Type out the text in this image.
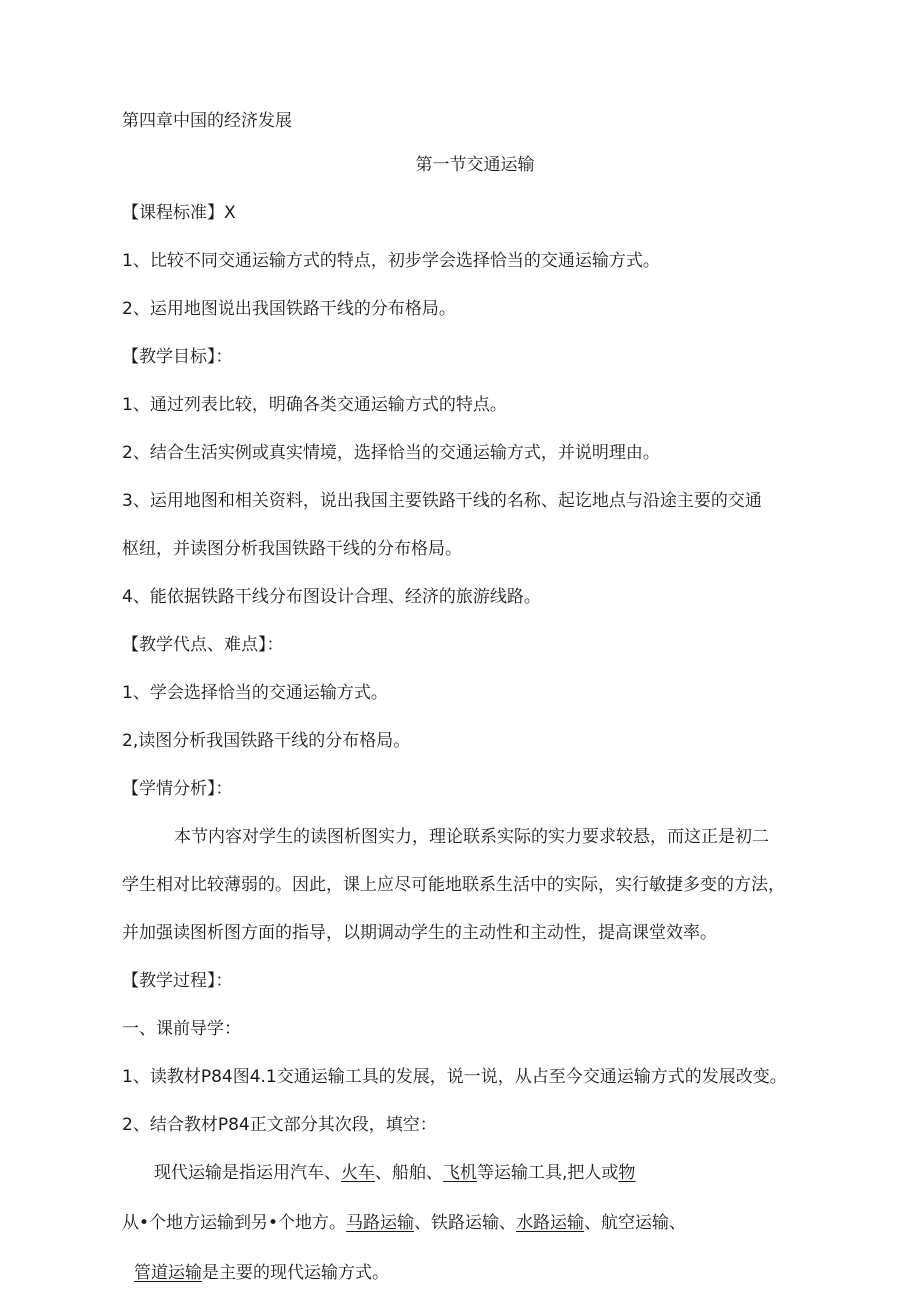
第四章中国的经济发展
第一节交通运输
【课程标准】X
1、比较不同交通运输方式的特点，初步学会选择恰当的交通运输方式。
2、运用地图说出我国铁路干线的分布格局。
【教学目标】：
1、通过列表比较，明确各类交通运输方式的特点。
2、结合生活实例或真实情境，选择恰当的交通运输方式，并说明理由。
3、运用地图和相关资料，说出我国主要铁路干线的名称、起讫地点与沿途主要的交通
枢纽，并读图分析我国铁路干线的分布格局。
4、能依据铁路干线分布图设计合理、经济的旅游线路。
【教学代点、难点】：
1、学会选择恰当的交通运输方式。
2,读图分析我国铁路干线的分布格局。
【学情分析】：
本节内容对学生的读图析图实力，理论联系实际的实力要求较悬，而这正是初二
学生相对比较薄弱的。因此，课上应尽可能地联系生活中的实际，实行敏捷多变的方法，
并加强读图析图方面的指导，以期调动学生的主动性和主动性，提高课堂效率。
【教学过程】：
一、课前导学：
1、读教材P84图4.1交通运输工具的发展，说一说，从占至今交通运输方式的发展改变。
2、结合教材P84正文部分其次段，填空：
现代运输是指运用汽车、火车、船舶、飞机等运输工具,把人或物
从•个地方运输到另•个地方。马路运输、铁路运输、水路运输、航空运输、
管道运输是主要的现代运输方式。
